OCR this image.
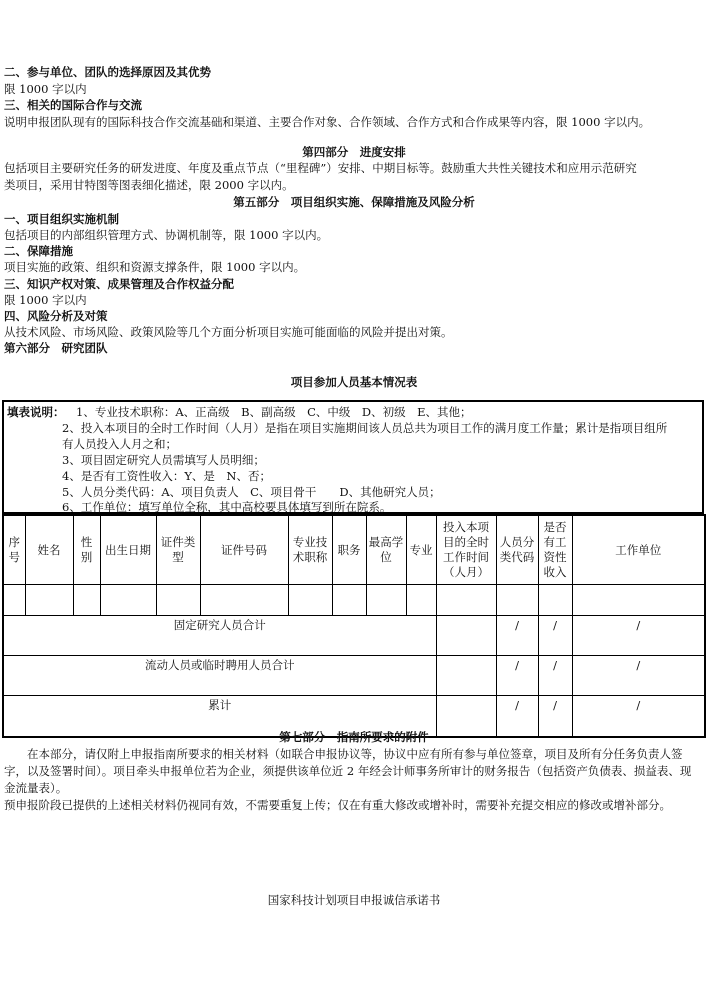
二、参与单位、团队的选择原因及其优势
限 1000 字以内
三、相关的国际合作与交流
说明申报团队现有的国际科技合作交流基础和渠道、主要合作对象、合作领域、合作方式和合作成果等内容，限 1000 字以内。
第四部分　进度安排
包括项目主要研究任务的研发进度、年度及重点节点（“里程碑”）安排、中期目标等。鼓励重大共性关键技术和应用示范研究
类项目，采用甘特图等图表细化描述，限 2000 字以内。
第五部分　项目组织实施、保障措施及风险分析
一、项目组织实施机制
包括项目的内部组织管理方式、协调机制等，限 1000 字以内。
二、保障措施
项目实施的政策、组织和资源支撑条件，限 1000 字以内。
三、知识产权对策、成果管理及合作权益分配
限 1000 字以内
四、风险分析及对策
从技术风险、市场风险、政策风险等几个方面分析项目实施可能面临的风险并提出对策。
第六部分　研究团队
项目参加人员基本情况表
填表说明： 1、专业技术职称：A、正高级　B、副高级　C、中级　D、初级　E、其他；
2、投入本项目的全时工作时间（人月）是指在项目实施期间该人员总共为项目工作的满月度工作量；累计是指项目组所
有人员投入人月之和；
3、项目固定研究人员需填写人员明细；
4、是否有工资性收入：Y、是　N、否；
5、人员分类代码：A、项目负责人　C、项目骨干　　D、其他研究人员；
6、工作单位：填写单位全称，其中高校要具体填写到所在院系。
序号	姓名	性别	出生日期	证件类型	证件号码	专业技术职称	职务	最高学位	专业	投入本项目的全时工作时间（人月）	人员分类代码	是否有工资性收入	工作单位

固定研究人员合计											/	/	/
流动人员或临时聘用人员合计											/	/	/
累计											/	/	/
第七部分　指南所要求的附件
　　在本部分，请仅附上申报指南所要求的相关材料（如联合申报协议等，协议中应有所有参与单位签章，项目及所有分任务负责人签字，以及签署时间）。项目牵头申报单位若为企业，须提供该单位近 2 年经会计师事务所审计的财务报告（包括资产负债表、损益表、现金流量表）。
预申报阶段已提供的上述相关材料仍视同有效，不需要重复上传；仅在有重大修改或增补时，需要补充提交相应的修改或增补部分。
国家科技计划项目申报诚信承诺书
